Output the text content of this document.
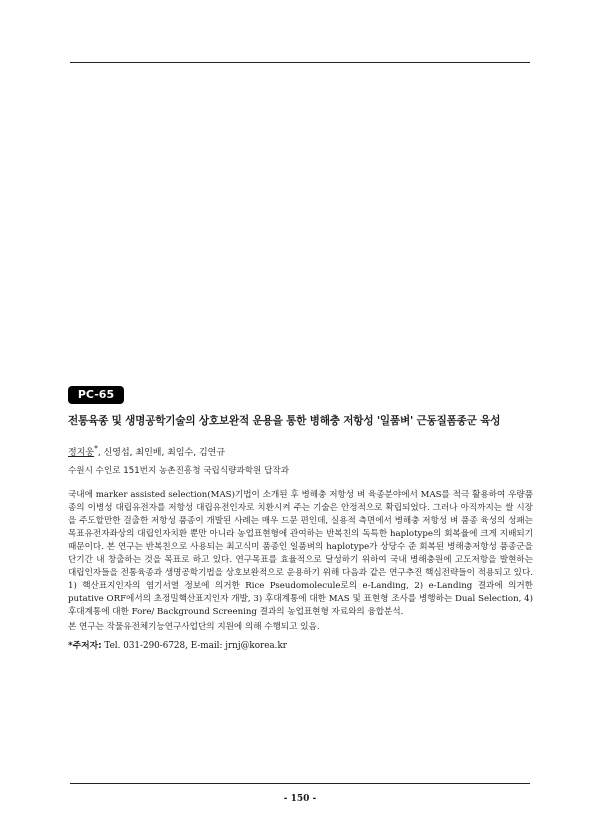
PC-65
전통육종 및 생명공학기술의 상호보완적 운용을 통한 병해충 저항성 '일품벼' 근동질폼종군 육성
정지웅*, 신영섭, 최인배, 최임수, 김연규
수원시 수인로 151번지 농촌진흥청 국립식량과학원 답작과

국내에 marker assisted selection(MAS)기법이 소개된 후 병해충 저항성 벼 육종분야에서 MAS를 적극 활용하여 우량품종의 이병성 대립유전자를 저항성 대립유전인자로 치환시켜 주는 기술은 안정적으로 확립되었다. 그러나 아직까지는 쌀 시장을 주도할만한 걸출한 저항성 품종이 개발된 사례는 매우 드문 편인데, 실용적 측면에서 병해충 저항성 벼 품종 육성의 성패는 목표유전자좌상의 대립인자치환 뿐만 아니라 농업표현형에 관여하는 반복친의 독특한 haplotype의 회복율에 크게 지배되기 때문이다. 본 연구는 반복친으로 사용되는 최고식미 품종인 일품벼의 haplotype가 상당수 준 회복된 병해충저항성 품종군을 단기간 내 창출하는 것을 목표로 하고 있다. 연구목표를 효율적으로 달성하기 위하여 국내 병해충원에 고도저항을 발현하는 대립인자들을 전통육종과 생명공학기법을 상호보완적으로 운용하기 위해 다음과 같은 연구추진 핵심전략들이 적용되고 있다. 1) 핵산표지인자의 염기서열 정보에 의거한 Rice Pseudomolecule로의 e-Landing, 2) e-Landing 결과에 의거한 putative ORF에서의 초정밀핵산표지인자 개발, 3) 후대계통에 대한 MAS 및 표현형 조사를 병행하는 Dual Selection, 4) 후대계통에 대한 Fore/ Background Screening 결과의 농업표현형 자료와의 융합분석.

본 연구는 작물유전체기능연구사업단의 지원에 의해 수행되고 있음.

*주저자: Tel. 031-290-6728, E-mail: jrnj@korea.kr
- 150 -
